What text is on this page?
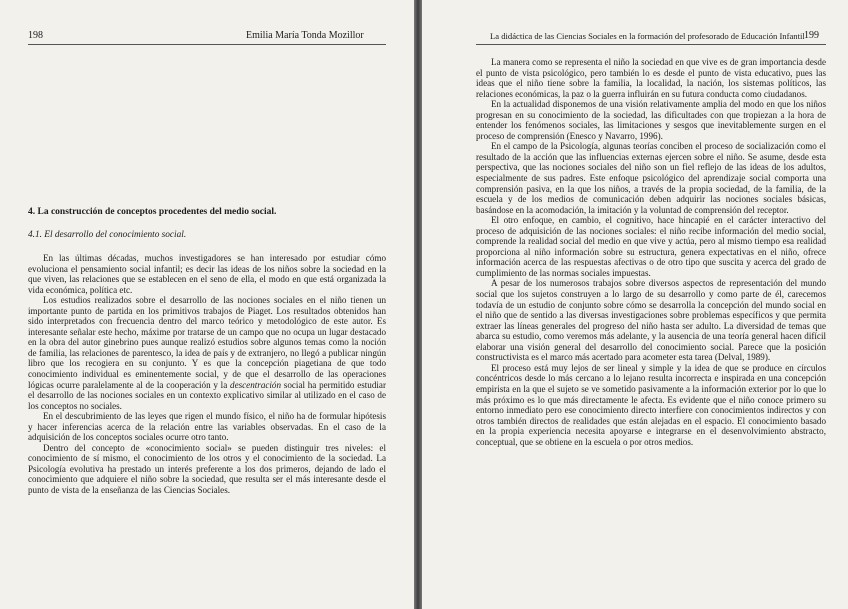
198	Emilia María Tonda Mozillor
4. La construcción de conceptos procedentes del medio social.
4.1. El desarrollo del conocimiento social.

En las últimas décadas, muchos investigadores se han interesado por estudiar cómo evoluciona el pensamiento social infantil; es decir las ideas de los niños sobre la sociedad en la que viven, las relaciones que se establecen en el seno de ella, el modo en que está organizada la vida económica, política etc.

Los estudios realizados sobre el desarrollo de las nociones sociales en el niño tienen un importante punto de partida en los primitivos trabajos de Piaget. Los resultados obtenidos han sido interpretados con frecuencia dentro del marco teórico y metodológico de este autor. Es interesante señalar este hecho, máxime por tratarse de un campo que no ocupa un lugar destacado en la obra del autor ginebrino pues aunque realizó estudios sobre algunos temas como la noción de familia, las relaciones de parentesco, la idea de país y de extranjero, no llegó a publicar ningún libro que los recogiera en su conjunto. Y es que la concepción piagetiana de que todo conocimiento individual es eminentemente social, y de que el desarrollo de las operaciones lógicas ocurre paralelamente al de la cooperación y la descentración social ha permitido estudiar el desarrollo de las nociones sociales en un contexto explicativo similar al utilizado en el caso de los conceptos no sociales.

En el descubrimiento de las leyes que rigen el mundo físico, el niño ha de formular hipótesis y hacer inferencias acerca de la relación entre las variables observadas. En el caso de la adquisición de los conceptos sociales ocurre otro tanto.

Dentro del concepto de «conocimiento social» se pueden distinguir tres niveles: el conocimiento de sí mismo, el conocimiento de los otros y el conocimiento de la sociedad. La Psicología evolutiva ha prestado un interés preferente a los dos primeros, dejando de lado el conocimiento que adquiere el niño sobre la sociedad, que resulta ser el más interesante desde el punto de vista de la enseñanza de las Ciencias Sociales.

La didáctica de las Ciencias Sociales en la formación del profesorado de Educación Infantil 199

La manera como se representa el niño la sociedad en que vive es de gran importancia desde el punto de vista psicológico, pero también lo es desde el punto de vista educativo, pues las ideas que el niño tiene sobre la familia, la localidad, la nación, los sistemas políticos, las relaciones económicas, la paz o la guerra influirán en su futura conducta como ciudadanos.

En la actualidad disponemos de una visión relativamente amplia del modo en que los niños progresan en su conocimiento de la sociedad, las dificultades con que tropiezan a la hora de entender los fenómenos sociales, las limitaciones y sesgos que inevitablemente surgen en el proceso de comprensión (Enesco y Navarro, 1996).

En el campo de la Psicología, algunas teorías conciben el proceso de socialización como el resultado de la acción que las influencias externas ejercen sobre el niño. Se asume, desde esta perspectiva, que las nociones sociales del niño son un fiel reflejo de las ideas de los adultos, especialmente de sus padres. Este enfoque psicológico del aprendizaje social comporta una comprensión pasiva, en la que los niños, a través de la propia sociedad, de la familia, de la escuela y de los medios de comunicación deben adquirir las nociones sociales básicas, basándose en la acomodación, la imitación y la voluntad de comprensión del receptor.

El otro enfoque, en cambio, el cognitivo, hace hincapié en el carácter interactivo del proceso de adquisición de las nociones sociales: el niño recibe información del medio social, comprende la realidad social del medio en que vive y actúa, pero al mismo tiempo esa realidad proporciona al niño información sobre su estructura, genera expectativas en el niño, ofrece información acerca de las respuestas afectivas o de otro tipo que suscita y acerca del grado de cumplimiento de las normas sociales impuestas.

A pesar de los numerosos trabajos sobre diversos aspectos de representación del mundo social que los sujetos construyen a lo largo de su desarrollo y como parte de él, carecemos todavía de un estudio de conjunto sobre cómo se desarrolla la concepción del mundo social en el niño que de sentido a las diversas investigaciones sobre problemas específicos y que permita extraer las líneas generales del progreso del niño hasta ser adulto. La diversidad de temas que abarca su estudio, como veremos más adelante, y la ausencia de una teoría general hacen difícil elaborar una visión general del desarrollo del conocimiento social. Parece que la posición constructivista es el marco más acertado para acometer esta tarea (Delval, 1989).

El proceso está muy lejos de ser lineal y simple y la idea de que se produce en círculos concéntricos desde lo más cercano a lo lejano resulta incorrecta e inspirada en una concepción empirista en la que el sujeto se ve sometido pasivamente a la información exterior por lo que lo más próximo es lo que más directamente le afecta. Es evidente que el niño conoce primero su entorno inmediato pero ese conocimiento directo interfiere con conocimientos indirectos y con otros también directos de realidades que están alejadas en el espacio. El conocimiento basado en la propia experiencia necesita apoyarse e integrarse en el desenvolvimiento abstracto, conceptual, que se obtiene en la escuela o por otros medios.
